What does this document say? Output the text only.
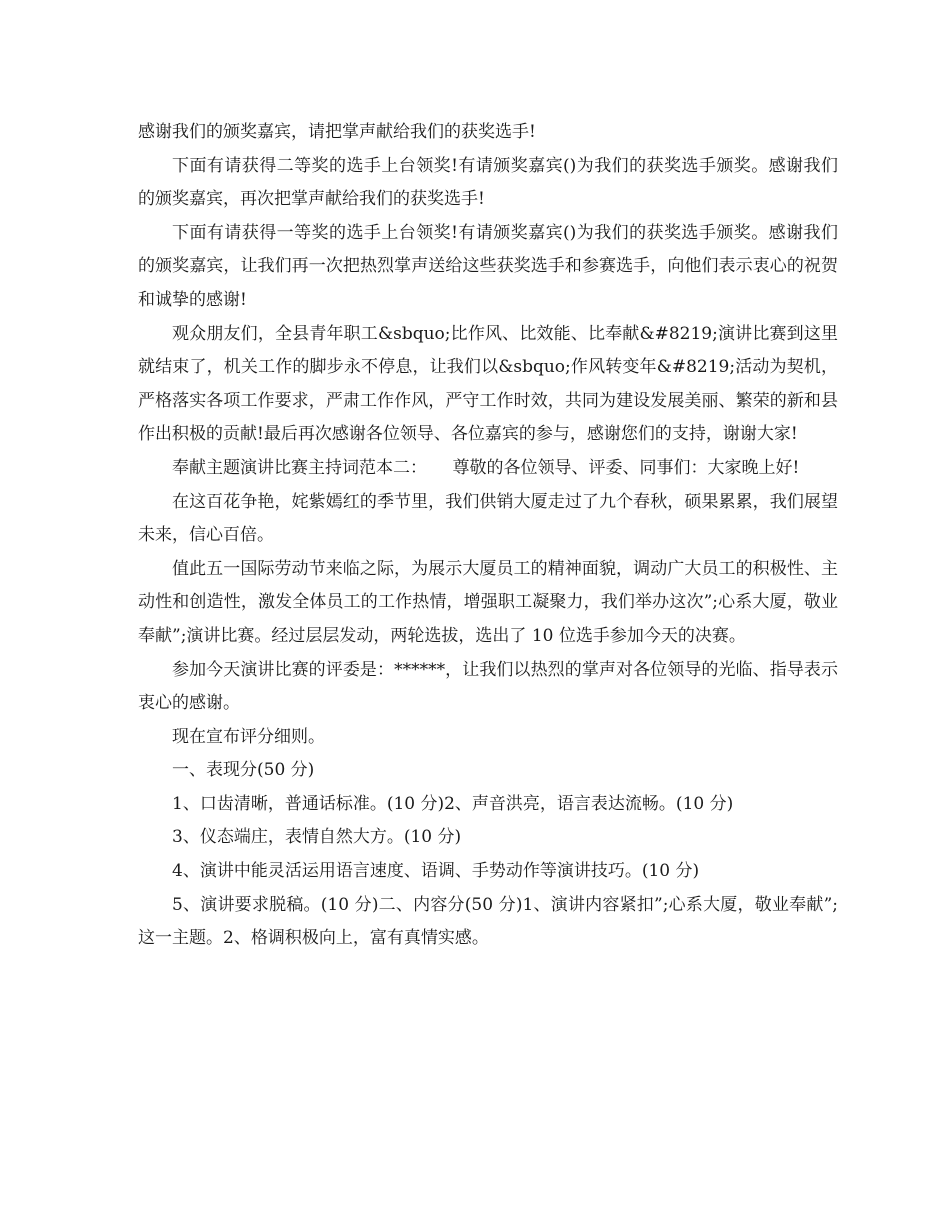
感谢我们的颁奖嘉宾，请把掌声献给我们的获奖选手!

下面有请获得二等奖的选手上台领奖!有请颁奖嘉宾()为我们的获奖选手颁奖。感谢我们的颁奖嘉宾，再次把掌声献给我们的获奖选手!

下面有请获得一等奖的选手上台领奖!有请颁奖嘉宾()为我们的获奖选手颁奖。感谢我们的颁奖嘉宾，让我们再一次把热烈掌声送给这些获奖选手和参赛选手，向他们表示衷心的祝贺和诚挚的感谢!

观众朋友们，全县青年职工&sbquo;比作风、比效能、比奉献&#8219;演讲比赛到这里就结束了，机关工作的脚步永不停息，让我们以&sbquo;作风转变年&#8219;活动为契机，严格落实各项工作要求，严肃工作作风，严守工作时效，共同为建设发展美丽、繁荣的新和县作出积极的贡献!最后再次感谢各位领导、各位嘉宾的参与，感谢您们的支持，谢谢大家!

奉献主题演讲比赛主持词范本二：　　尊敬的各位领导、评委、同事们：大家晚上好!

在这百花争艳，姹紫嫣红的季节里，我们供销大厦走过了九个春秋，硕果累累，我们展望未来，信心百倍。

值此五一国际劳动节来临之际，为展示大厦员工的精神面貌，调动广大员工的积极性、主动性和创造性，激发全体员工的工作热情，增强职工凝聚力，我们举办这次”;心系大厦，敬业奉献”;演讲比赛。经过层层发动，两轮选拔，选出了 10 位选手参加今天的决赛。

参加今天演讲比赛的评委是：******，让我们以热烈的掌声对各位领导的光临、指导表示衷心的感谢。

现在宣布评分细则。

一、表现分(50 分)

1、口齿清晰，普通话标准。(10 分)2、声音洪亮，语言表达流畅。(10 分)

3、仪态端庄，表情自然大方。(10 分)

4、演讲中能灵活运用语言速度、语调、手势动作等演讲技巧。(10 分)

5、演讲要求脱稿。(10 分)二、内容分(50 分)1、演讲内容紧扣”;心系大厦，敬业奉献”;这一主题。2、格调积极向上，富有真情实感。
